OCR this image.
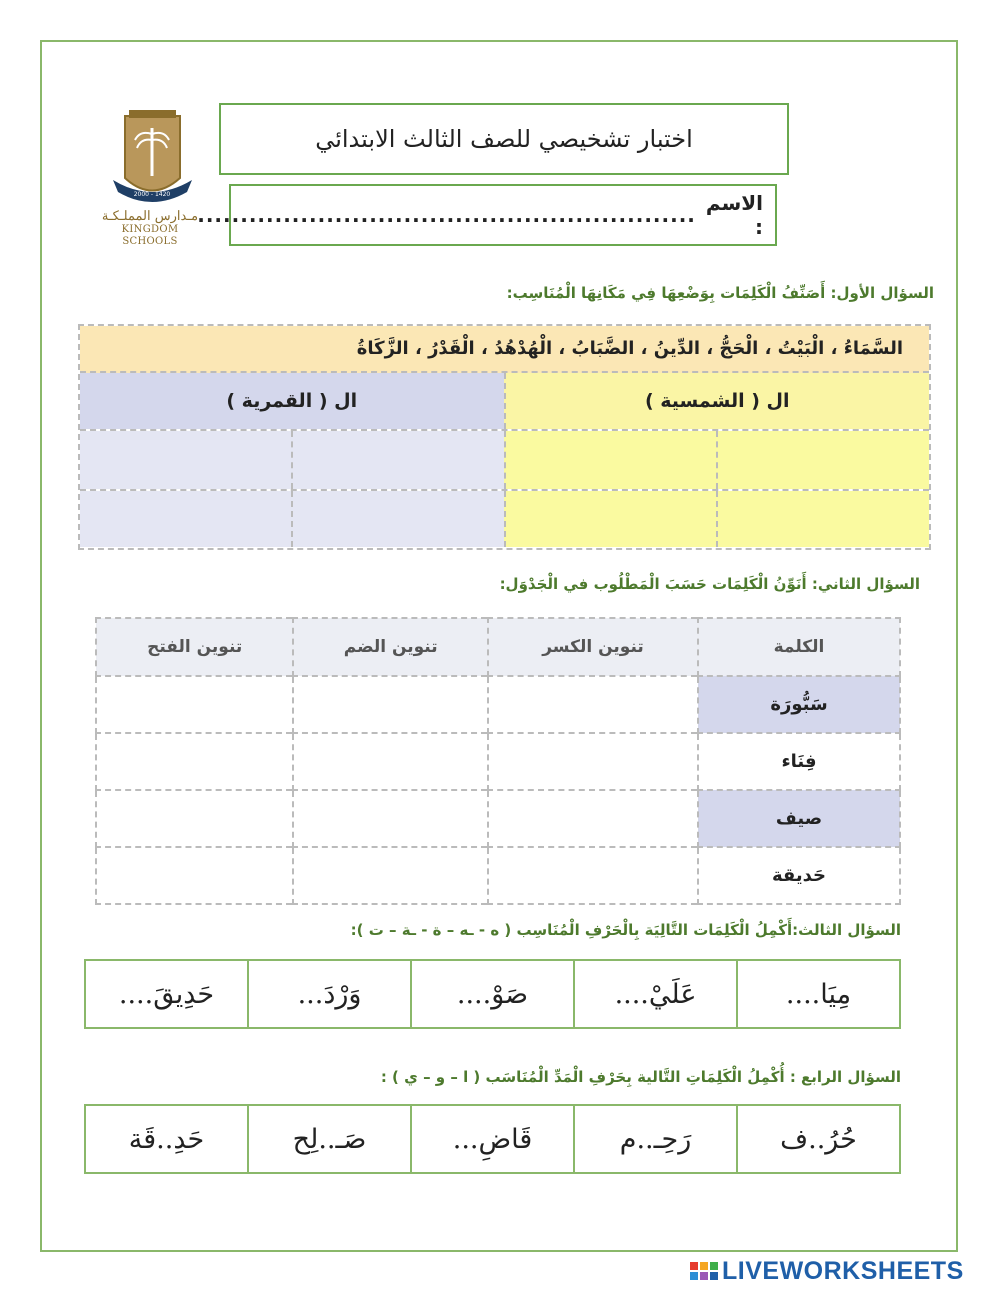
2000 - 1420
مـدارس المملـكـة
KINGDOM SCHOOLS
اختبار تشخيصي للصف الثالث الابتدائي
الاسم :
..........................................................
السؤال الأول: أَصَنِّفُ الْكَلِمَات بِوَضْعِهَا فِي مَكَانِهَا الْمُنَاسِب:
السَّمَاءُ ، الْبَيْتُ ، الْحَجُّ ، الدِّينُ ، الضَّبَابُ ، الْهُدْهُدُ ، الْقَدْرُ ، الزَّكَاةُ
ال ( الشمسية )
ال ( القمرية )
السؤال الثاني: أَنَوِّنُ الْكَلِمَات حَسَبَ الْمَطْلُوب في الْجَدْوَل:
الكلمة	تنوين الكسر	تنوين الضم	تنوين الفتح
سَبُّورَة			
فِنَاء			
صيف			
حَديقة			
السؤال الثالث:أَكْمِلُ الْكَلِمَات التَّالِيَة بِالْحَرْفِ الْمُنَاسِب ( ه - ـه – ة - ـة – ت ):
مِيَا....
عَلَيْ....
صَوْ....
وَرْدَ...
حَدِيقَ....
السؤال الرابع : أُكْمِلُ الْكَلِمَاتِ التَّالية بِحَرْفِ الْمَدِّ الْمُنَاسَب ( ا – و – ي ) :
حُرُ..ف
رَحِـ..م
قَاضِ...
صَـ..لِح
حَدِ..قَة
LIVEWORKSHEETS
